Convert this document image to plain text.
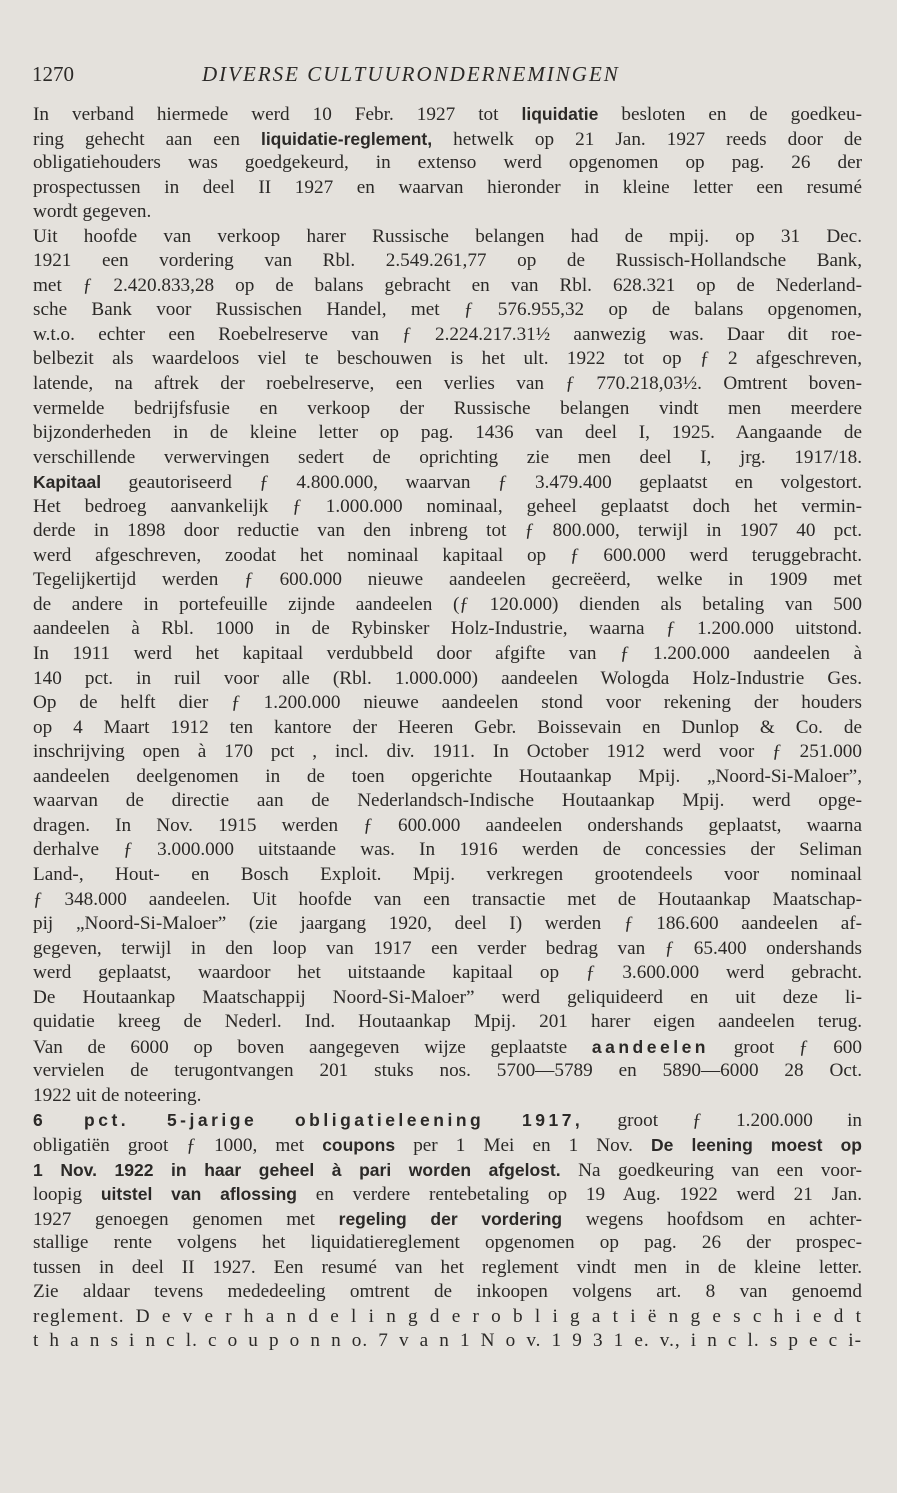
1270	DIVERSE CULTUURONDERNEMINGEN
In verband hiermede werd 10 Febr. 1927 tot liquidatie besloten en de goedkeu-
ring gehecht aan een liquidatie-reglement, hetwelk op 21 Jan. 1927 reeds door de
obligatiehouders was goedgekeurd, in extenso werd opgenomen op pag. 26 der
prospectussen in deel II 1927 en waarvan hieronder in kleine letter een resumé
wordt gegeven.
Uit hoofde van verkoop harer Russische belangen had de mpij. op 31 Dec.
1921 een vordering van Rbl. 2.549.261,77 op de Russisch-Hollandsche Bank,
met ƒ 2.420.833,28 op de balans gebracht en van Rbl. 628.321 op de Nederland-
sche Bank voor Russischen Handel, met ƒ 576.955,32 op de balans opgenomen,
w.t.o. echter een Roebelreserve van ƒ 2.224.217.31½ aanwezig was. Daar dit roe-
belbezit als waardeloos viel te beschouwen is het ult. 1922 tot op ƒ 2 afgeschreven,
latende, na aftrek der roebelreserve, een verlies van ƒ 770.218,03½. Omtrent boven-
vermelde bedrijfsfusie en verkoop der Russische belangen vindt men meerdere
bijzonderheden in de kleine letter op pag. 1436 van deel I, 1925. Aangaande de
verschillende verwervingen sedert de oprichting zie men deel I, jrg. 1917/18.
Kapitaal geautoriseerd ƒ 4.800.000, waarvan ƒ 3.479.400 geplaatst en volgestort.
Het bedroeg aanvankelijk ƒ 1.000.000 nominaal, geheel geplaatst doch het vermin-
derde in 1898 door reductie van den inbreng tot ƒ 800.000, terwijl in 1907 40 pct.
werd afgeschreven, zoodat het nominaal kapitaal op ƒ 600.000 werd teruggebracht.
Tegelijkertijd werden ƒ 600.000 nieuwe aandeelen gecreëerd, welke in 1909 met
de andere in portefeuille zijnde aandeelen (ƒ 120.000) dienden als betaling van 500
aandeelen à Rbl. 1000 in de Rybinsker Holz-Industrie, waarna ƒ 1.200.000 uitstond.
In 1911 werd het kapitaal verdubbeld door afgifte van ƒ 1.200.000 aandeelen à
140 pct. in ruil voor alle (Rbl. 1.000.000) aandeelen Wologda Holz-Industrie Ges.
Op de helft dier ƒ 1.200.000 nieuwe aandeelen stond voor rekening der houders
op 4 Maart 1912 ten kantore der Heeren Gebr. Boissevain en Dunlop & Co. de
inschrijving open à 170 pct , incl. div. 1911. In October 1912 werd voor ƒ 251.000
aandeelen deelgenomen in de toen opgerichte Houtaankap Mpij. „Noord-Si-Maloer”,
waarvan de directie aan de Nederlandsch-Indische Houtaankap Mpij. werd opge-
dragen. In Nov. 1915 werden ƒ 600.000 aandeelen ondershands geplaatst, waarna
derhalve ƒ 3.000.000 uitstaande was. In 1916 werden de concessies der Seliman
Land-, Hout- en Bosch Exploit. Mpij. verkregen grootendeels voor nominaal
ƒ 348.000 aandeelen. Uit hoofde van een transactie met de Houtaankap Maatschap-
pij „Noord-Si-Maloer” (zie jaargang 1920, deel I) werden ƒ 186.600 aandeelen af-
gegeven, terwijl in den loop van 1917 een verder bedrag van ƒ 65.400 ondershands
werd geplaatst, waardoor het uitstaande kapitaal op ƒ 3.600.000 werd gebracht.
De Houtaankap Maatschappij Noord-Si-Maloer” werd geliquideerd en uit deze li-
quidatie kreeg de Nederl. Ind. Houtaankap Mpij. 201 harer eigen aandeelen terug.
Van de 6000 op boven aangegeven wijze geplaatste aandeelen groot ƒ 600
vervielen de terugontvangen 201 stuks nos. 5700—5789 en 5890—6000 28 Oct.
1922 uit de noteering.
6 pct. 5-jarige obligatieleening 1917, groot ƒ 1.200.000 in
obligatiën groot ƒ 1000, met coupons per 1 Mei en 1 Nov. De leening moest op
1 Nov. 1922 in haar geheel à pari worden afgelost. Na goedkeuring van een voor-
loopig uitstel van aflossing en verdere rentebetaling op 19 Aug. 1922 werd 21 Jan.
1927 genoegen genomen met regeling der vordering wegens hoofdsom en achter-
stallige rente volgens het liquidatiereglement opgenomen op pag. 26 der prospec-
tussen in deel II 1927. Een resumé van het reglement vindt men in de kleine letter.
Zie aldaar tevens mededeeling omtrent de inkoopen volgens art. 8 van genoemd
reglement. D e v e r h a n d e l i n g d e r o b l i g a t i ë n g e s c h i e d t
t h a n s i n c l. c o u p o n n o. 7 v a n 1 N o v. 1 9 3 1 e. v., i n c l. s p e c i-
